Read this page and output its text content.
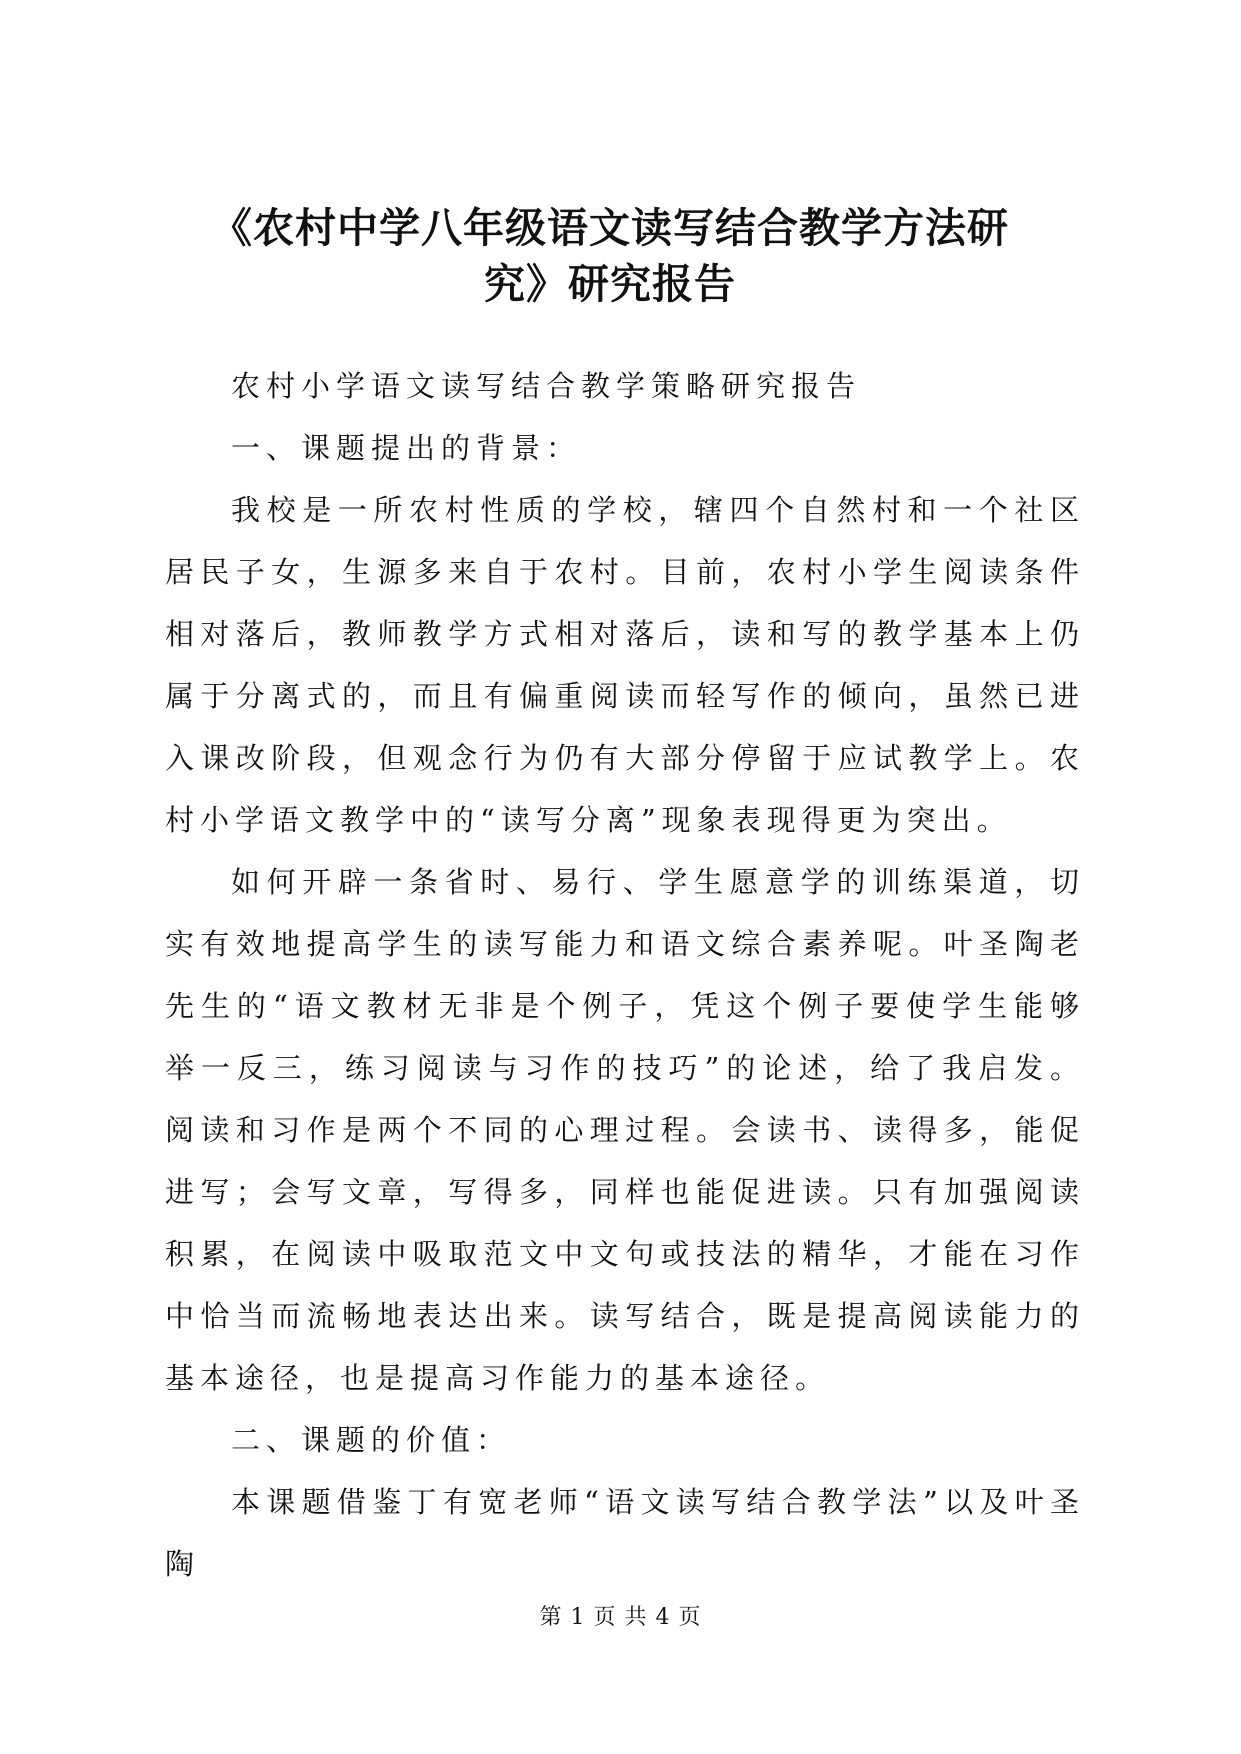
《农村中学八年级语文读写结合教学方法研
究》研究报告

农村小学语文读写结合教学策略研究报告

一、课题提出的背景：

我校是一所农村性质的学校，辖四个自然村和一个社区居民子女，生源多来自于农村。目前，农村小学生阅读条件相对落后，教师教学方式相对落后，读和写的教学基本上仍属于分离式的，而且有偏重阅读而轻写作的倾向，虽然已进入课改阶段，但观念行为仍有大部分停留于应试教学上。农村小学语文教学中的“读写分离”现象表现得更为突出。

如何开辟一条省时、易行、学生愿意学的训练渠道，切实有效地提高学生的读写能力和语文综合素养呢。叶圣陶老先生的“语文教材无非是个例子，凭这个例子要使学生能够举一反三，练习阅读与习作的技巧”的论述，给了我启发。阅读和习作是两个不同的心理过程。会读书、读得多，能促进写；会写文章，写得多，同样也能促进读。只有加强阅读积累，在阅读中吸取范文中文句或技法的精华，才能在习作中恰当而流畅地表达出来。读写结合，既是提高阅读能力的基本途径，也是提高习作能力的基本途径。

二、课题的价值：

本课题借鉴丁有宽老师“语文读写结合教学法”以及叶圣陶

第 1 页 共 4 页
